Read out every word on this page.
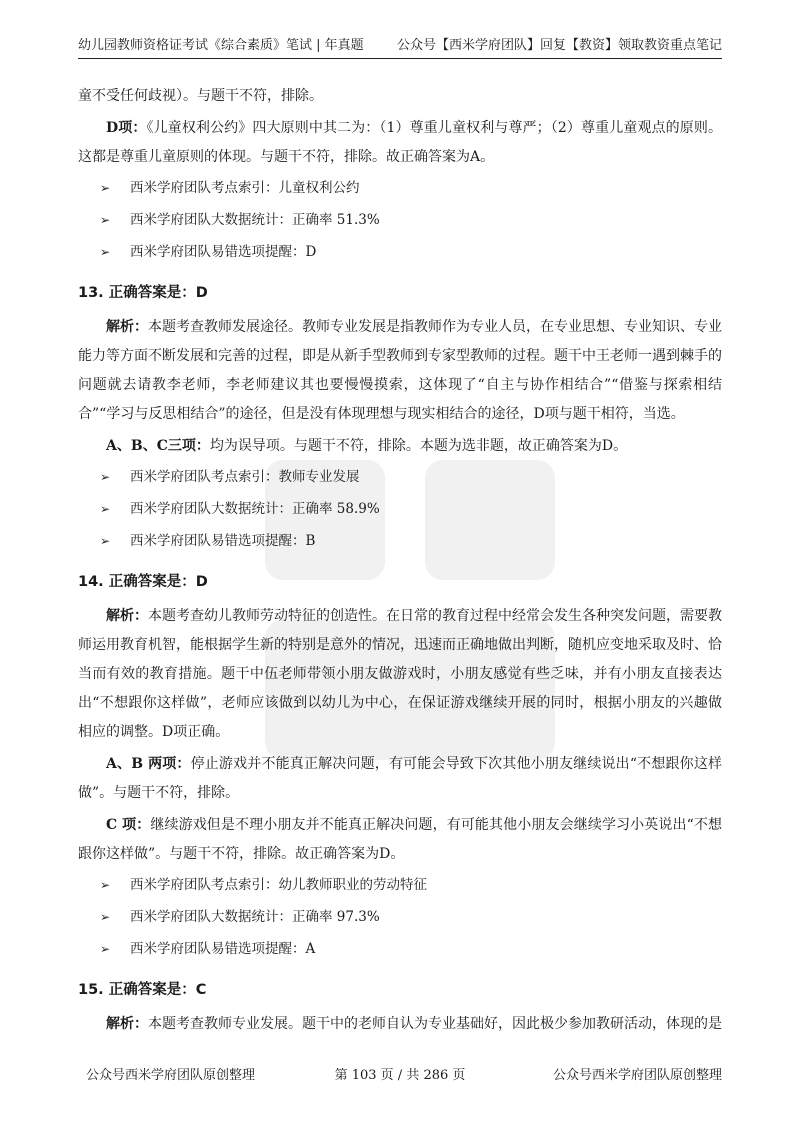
幼儿园教师资格证考试《综合素质》笔试 | 年真题	公众号【西米学府团队】回复【教资】领取教资重点笔记

童不受任何歧视）。与题干不符，排除。

D项：《儿童权利公约》四大原则中其二为：（1）尊重儿童权利与尊严；（2）尊重儿童观点的原则。这都是尊重儿童原则的体现。与题干不符，排除。故正确答案为A。

➢ 西米学府团队考点索引：儿童权利公约
➢ 西米学府团队大数据统计：正确率 51.3%
➢ 西米学府团队易错选项提醒：D
13. 正确答案是：D

解析：本题考查教师发展途径。教师专业发展是指教师作为专业人员，在专业思想、专业知识、专业能力等方面不断发展和完善的过程，即是从新手型教师到专家型教师的过程。题干中王老师一遇到棘手的问题就去请教李老师，李老师建议其也要慢慢摸索，这体现了“自主与协作相结合”“借鉴与探索相结合”“学习与反思相结合”的途径，但是没有体现理想与现实相结合的途径，D项与题干相符，当选。

A、B、C三项：均为误导项。与题干不符，排除。本题为选非题，故正确答案为D。

➢ 西米学府团队考点索引：教师专业发展
➢ 西米学府团队大数据统计：正确率 58.9%
➢ 西米学府团队易错选项提醒：B
14. 正确答案是：D

解析：本题考查幼儿教师劳动特征的创造性。在日常的教育过程中经常会发生各种突发问题，需要教师运用教育机智，能根据学生新的特别是意外的情况，迅速而正确地做出判断，随机应变地采取及时、恰当而有效的教育措施。题干中伍老师带领小朋友做游戏时，小朋友感觉有些乏味，并有小朋友直接表达出“不想跟你这样做”，老师应该做到以幼儿为中心，在保证游戏继续开展的同时，根据小朋友的兴趣做相应的调整。D项正确。

A、B 两项：停止游戏并不能真正解决问题，有可能会导致下次其他小朋友继续说出“不想跟你这样做”。与题干不符，排除。

C 项：继续游戏但是不理小朋友并不能真正解决问题，有可能其他小朋友会继续学习小英说出“不想跟你这样做”。与题干不符，排除。故正确答案为D。

➢ 西米学府团队考点索引：幼儿教师职业的劳动特征
➢ 西米学府团队大数据统计：正确率 97.3%
➢ 西米学府团队易错选项提醒：A
15. 正确答案是：C

解析：本题考查教师专业发展。题干中的老师自认为专业基础好，因此极少参加教研活动，体现的是

公众号西米学府团队原创整理	第 103 页 / 共 286 页	公众号西米学府团队原创整理
